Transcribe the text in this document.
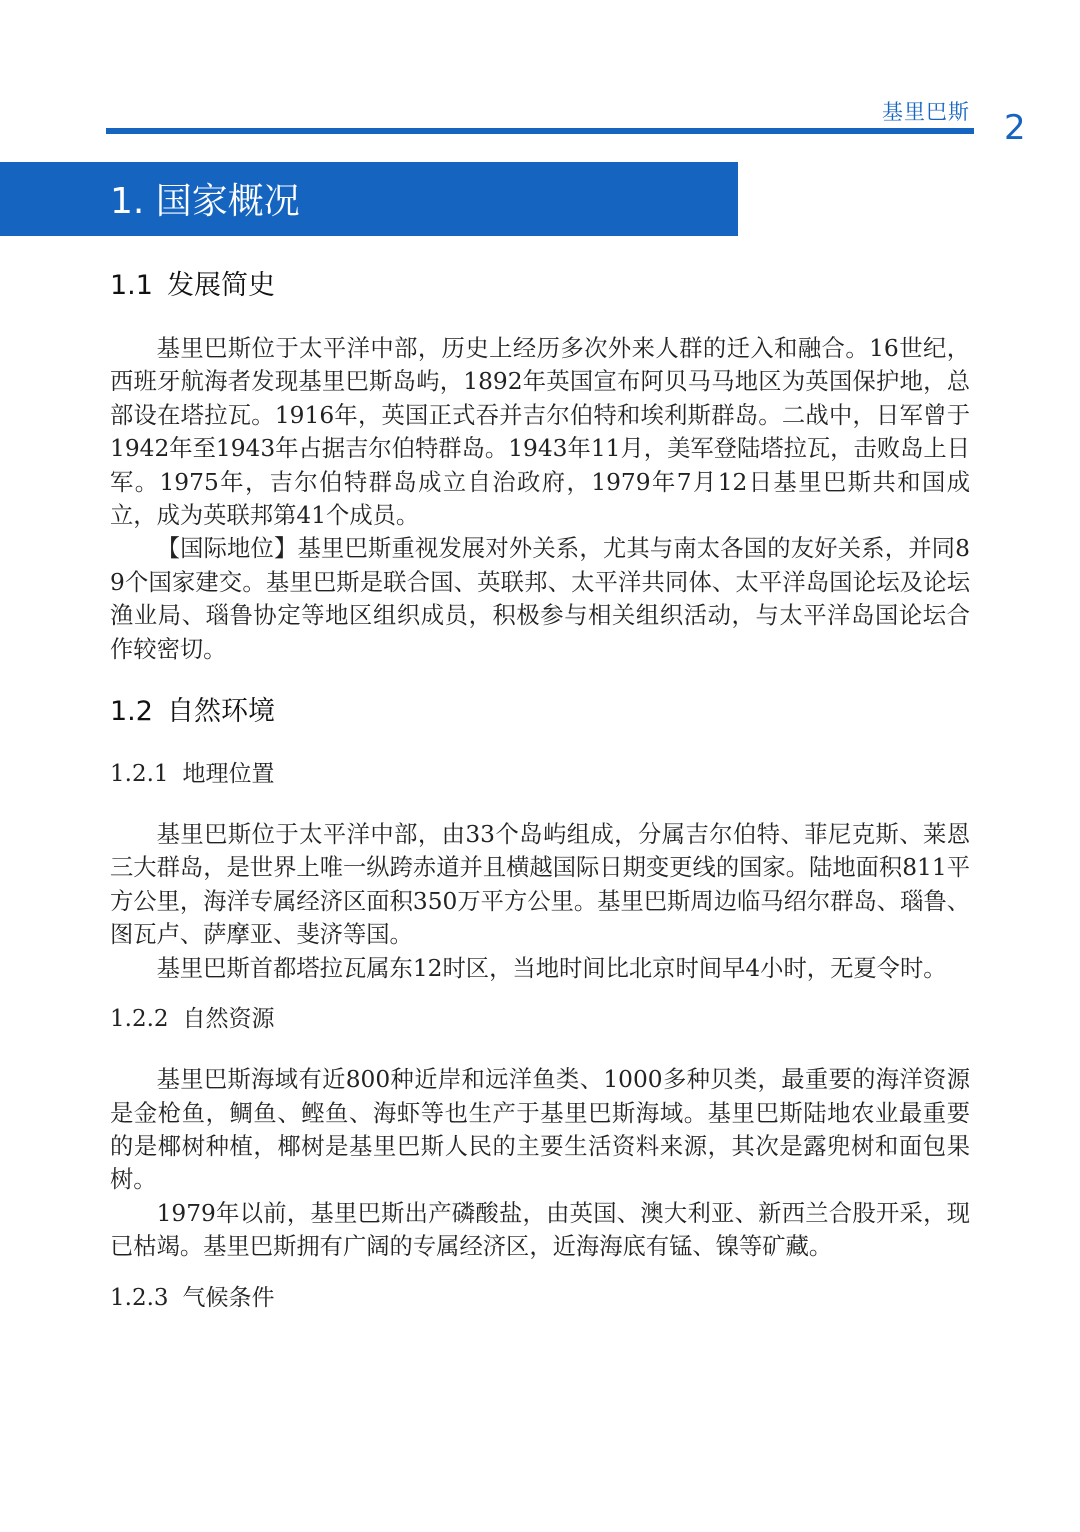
基里巴斯 2
1. 国家概况
1.1 发展简史

基里巴斯位于太平洋中部，历史上经历多次外来人群的迁入和融合。16世纪，西班牙航海者发现基里巴斯岛屿，1892年英国宣布阿贝马马地区为英国保护地，总部设在塔拉瓦。1916年，英国正式吞并吉尔伯特和埃利斯群岛。二战中，日军曾于1942年至1943年占据吉尔伯特群岛。1943年11月，美军登陆塔拉瓦，击败岛上日军。1975年，吉尔伯特群岛成立自治政府，1979年7月12日基里巴斯共和国成立，成为英联邦第41个成员。

【国际地位】基里巴斯重视发展对外关系，尤其与南太各国的友好关系，并同89个国家建交。基里巴斯是联合国、英联邦、太平洋共同体、太平洋岛国论坛及论坛渔业局、瑙鲁协定等地区组织成员，积极参与相关组织活动，与太平洋岛国论坛合作较密切。

1.2 自然环境
1.2.1 地理位置

基里巴斯位于太平洋中部，由33个岛屿组成，分属吉尔伯特、菲尼克斯、莱恩三大群岛，是世界上唯一纵跨赤道并且横越国际日期变更线的国家。陆地面积811平方公里，海洋专属经济区面积350万平方公里。基里巴斯周边临马绍尔群岛、瑙鲁、图瓦卢、萨摩亚、斐济等国。

基里巴斯首都塔拉瓦属东12时区，当地时间比北京时间早4小时，无夏令时。

1.2.2 自然资源

基里巴斯海域有近800种近岸和远洋鱼类、1000多种贝类，最重要的海洋资源是金枪鱼，鲷鱼、鲣鱼、海虾等也生产于基里巴斯海域。基里巴斯陆地农业最重要的是椰树种植，椰树是基里巴斯人民的主要生活资料来源，其次是露兜树和面包果树。

1979年以前，基里巴斯出产磷酸盐，由英国、澳大利亚、新西兰合股开采，现已枯竭。基里巴斯拥有广阔的专属经济区，近海海底有锰、镍等矿藏。

1.2.3 气候条件
